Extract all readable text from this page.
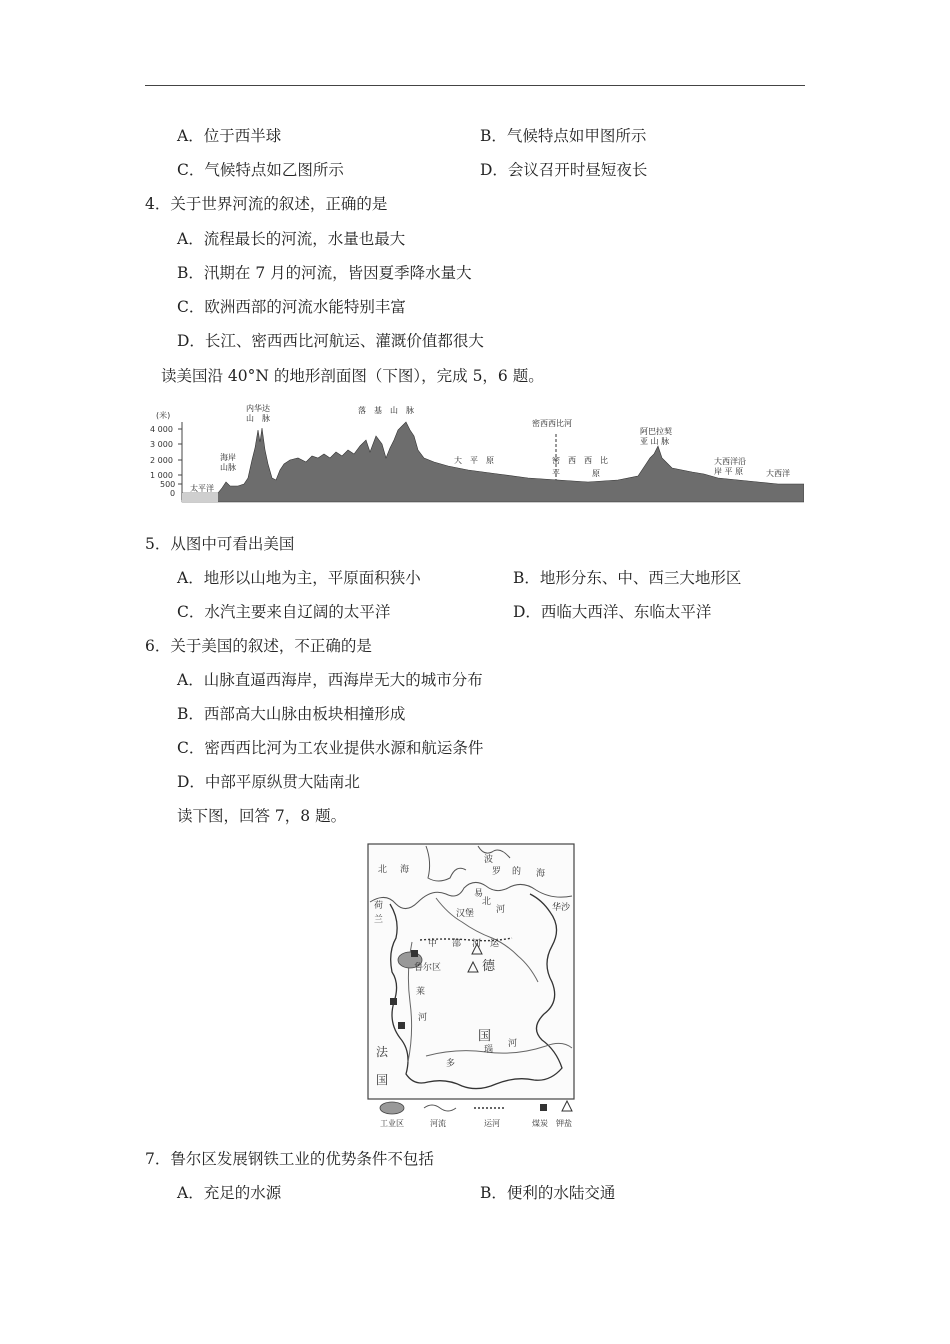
A．位于西半球	B．气候特点如甲图所示
C．气候特点如乙图所示	D．会议召开时昼短夜长
4．关于世界河流的叙述，正确的是
A．流程最长的河流，水量也最大
B．汛期在 7 月的河流，皆因夏季降水量大
C．欧洲西部的河流水能特别丰富
D．长江、密西西比河航运、灌溉价值都很大
读美国沿 40°N 的地形剖面图（下图），完成 5，6 题。
(米)
4 000
3 000
2 000
1 000
500
0
太平洋
海岸
山脉
内华达
山　脉
落　基　山　脉
密西西比河
大　平　原	密　西　西　比
平　　　　原
阿巴拉契
亚 山 脉
大西洋沿
岸 平 原	大西洋
5．从图中可看出美国
A．地形以山地为主，平原面积狭小	B．地形分东、中、西三大地形区
C．水汽主要来自辽阔的太平洋	D．西临大西洋、东临太平洋
6．关于美国的叙述，不正确的是
A．山脉直逼西海岸，西海岸无大的城市分布
B．西部高大山脉由板块相撞形成
C．密西西比河为工农业提供水源和航运条件
D．中部平原纵贯大陆南北
读下图，回答 7，8 题。
北 海
波
罗 的 海
易
北
河
汉堡
华沙
荷
兰
中 部 河 运
鲁尔区	德
国
莱
河
多
瑙
河
法
国
工业区	河流	运河	煤炭 钾盐
7．鲁尔区发展钢铁工业的优势条件不包括
A．充足的水源	B．便利的水陆交通
